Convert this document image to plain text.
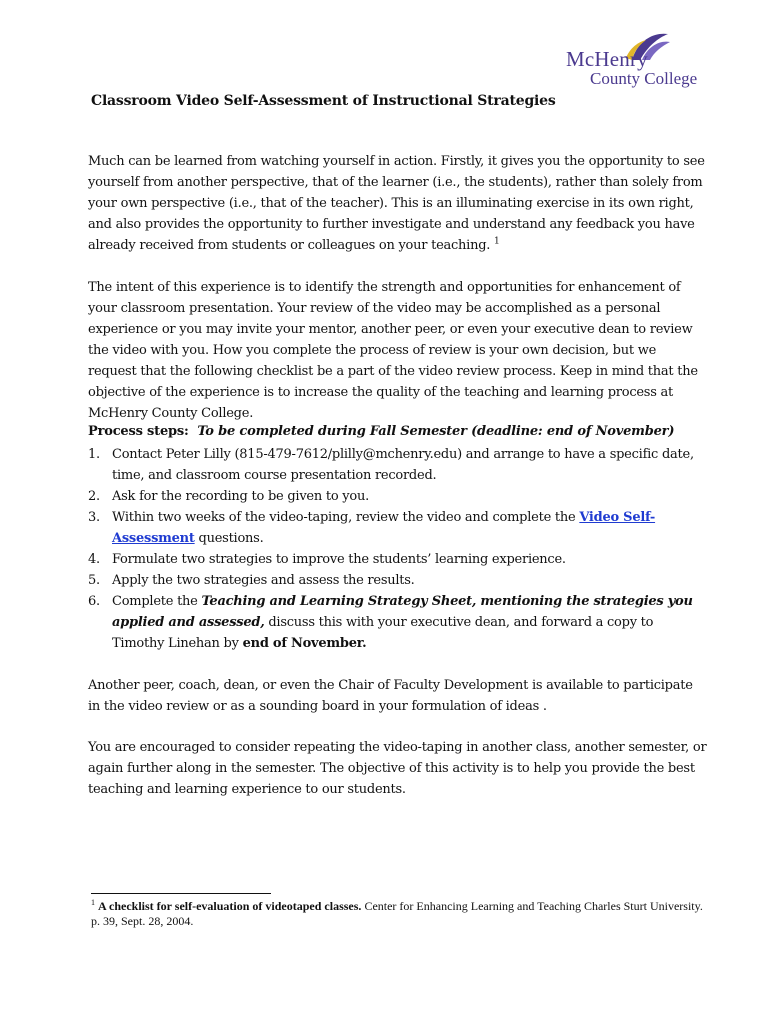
McHenry
County College
Classroom Video Self-Assessment of Instructional Strategies
Much can be learned from watching yourself in action. Firstly, it gives you the opportunity to see yourself from another perspective, that of the learner (i.e., the students), rather than solely from your own perspective (i.e., that of the teacher). This is an illuminating exercise in its own right, and also provides the opportunity to further investigate and understand any feedback you have already received from students or colleagues on your teaching. $^1$
The intent of this experience is to identify the strength and opportunities for enhancement of your classroom presentation. Your review of the video may be accomplished as a personal experience or you may invite your mentor, another peer, or even your executive dean to review the video with you. How you complete the process of review is your own decision, but we request that the following checklist be a part of the video review process. Keep in mind that the objective of the experience is to increase the quality of the teaching and learning process at McHenry County College.
Process steps: To be completed during Fall Semester (deadline: end of November)
1. Contact Peter Lilly (815-479-7612/plilly@mchenry.edu) and arrange to have a specific date, time, and classroom course presentation recorded.
2. Ask for the recording to be given to you.
3. Within two weeks of the video-taping, review the video and complete the Video Self-Assessment questions.
4. Formulate two strategies to improve the students’ learning experience.
5. Apply the two strategies and assess the results.
6. Complete the Teaching and Learning Strategy Sheet, mentioning the strategies you applied and assessed, discuss this with your executive dean, and forward a copy to Timothy Linehan by end of November.
Another peer, coach, dean, or even the Chair of Faculty Development is available to participate in the video review or as a sounding board in your formulation of ideas .
You are encouraged to consider repeating the video-taping in another class, another semester, or again further along in the semester. The objective of this activity is to help you provide the best teaching and learning experience to our students.
$^1$ A checklist for self-evaluation of videotaped classes. Center for Enhancing Learning and Teaching Charles Sturt University. p. 39, Sept. 28, 2004.
